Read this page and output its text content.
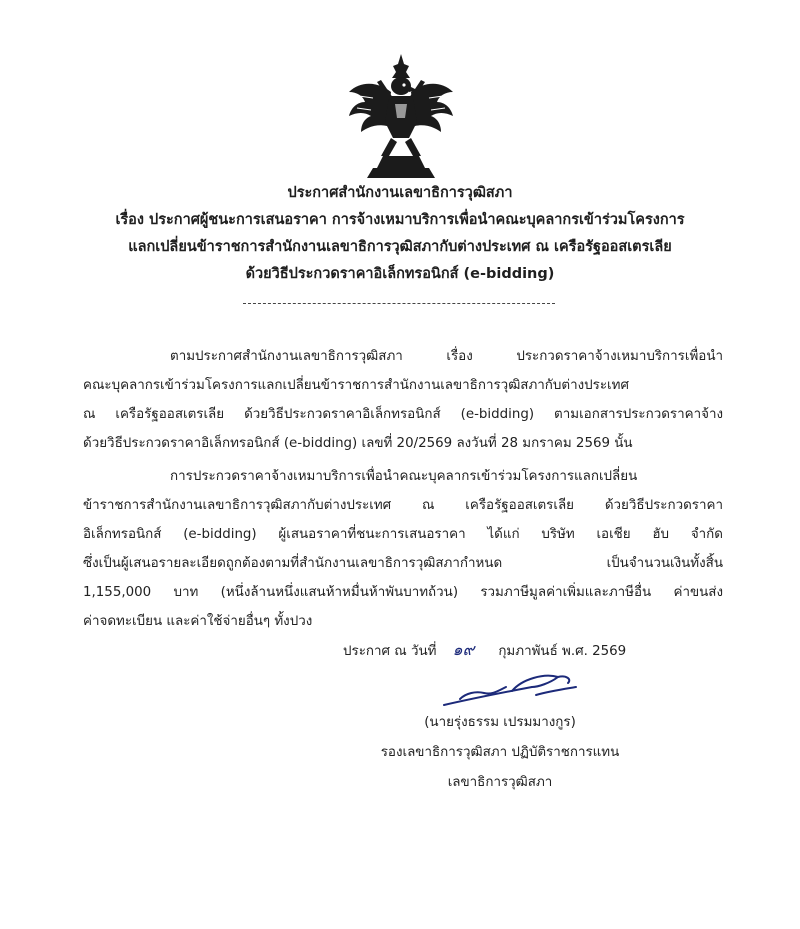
ประกาศสำนักงานเลขาธิการวุฒิสภา
เรื่อง ประกาศผู้ชนะการเสนอราคา การจ้างเหมาบริการเพื่อนำคณะบุคลากรเข้าร่วมโครงการ
แลกเปลี่ยนข้าราชการสำนักงานเลขาธิการวุฒิสภากับต่างประเทศ ณ เครือรัฐออสเตรเลีย
ด้วยวิธีประกวดราคาอิเล็กทรอนิกส์ (e-bidding)
ตามประกาศสำนักงานเลขาธิการวุฒิสภา เรื่อง ประกวดราคาจ้างเหมาบริการเพื่อนำ
คณะบุคลากรเข้าร่วมโครงการแลกเปลี่ยนข้าราชการสำนักงานเลขาธิการวุฒิสภากับต่างประเทศ
ณ เครือรัฐออสเตรเลีย ด้วยวิธีประกวดราคาอิเล็กทรอนิกส์ (e-bidding) ตามเอกสารประกวดราคาจ้าง
ด้วยวิธีประกวดราคาอิเล็กทรอนิกส์ (e-bidding) เลขที่ 20/2569 ลงวันที่ 28 มกราคม 2569 นั้น
การประกวดราคาจ้างเหมาบริการเพื่อนำคณะบุคลากรเข้าร่วมโครงการแลกเปลี่ยน
ข้าราชการสำนักงานเลขาธิการวุฒิสภากับต่างประเทศ ณ เครือรัฐออสเตรเลีย ด้วยวิธีประกวดราคา
อิเล็กทรอนิกส์ (e-bidding) ผู้เสนอราคาที่ชนะการเสนอราคา ได้แก่ บริษัท เอเชีย ฮับ จำกัด
ซึ่งเป็นผู้เสนอรายละเอียดถูกต้องตามที่สำนักงานเลขาธิการวุฒิสภากำหนด เป็นจำนวนเงินทั้งสิ้น
1,155,000 บาท (หนึ่งล้านหนึ่งแสนห้าหมื่นห้าพันบาทถ้วน) รวมภาษีมูลค่าเพิ่มและภาษีอื่น ค่าขนส่ง
ค่าจดทะเบียน และค่าใช้จ่ายอื่นๆ ทั้งปวง
ประกาศ ณ วันที่ ๑๙ กุมภาพันธ์ พ.ศ. 2569
(นายรุ่งธรรม เปรมมางกูร)
รองเลขาธิการวุฒิสภา ปฏิบัติราชการแทน
เลขาธิการวุฒิสภา
